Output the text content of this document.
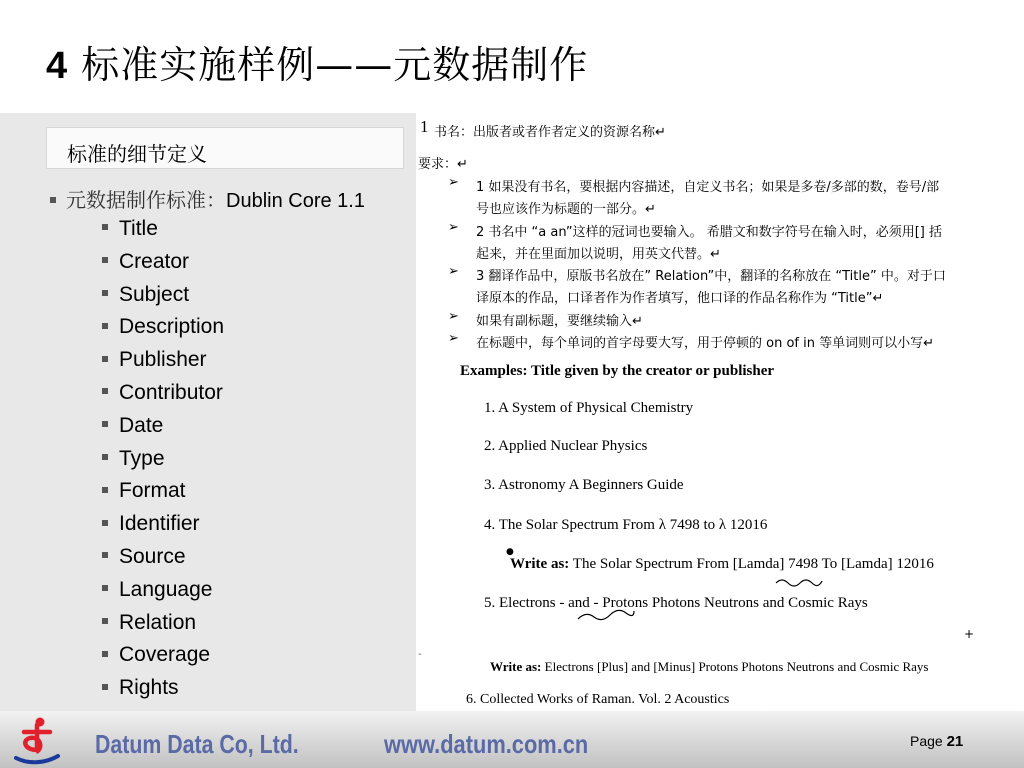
4 标准实施样例——元数据制作
标准的细节定义
元数据制作标准：Dublin Core 1.1
Title
Creator
Subject
Description
Publisher
Contributor
Date
Type
Format
Identifier
Source
Language
Relation
Coverage
Rights
1 书名：出版者或者作者定义的资源名称↵
要求：↵
➢ 1 如果没有书名，要根据内容描述，自定义书名；如果是多卷/多部的数，卷号/部
号也应该作为标题的一部分。↵
➢ 2 书名中 “a an”这样的冠词也要输入。 希腊文和数字符号在输入时，必须用[] 括
起来，并在里面加以说明，用英文代替。↵
➢ 3 翻译作品中，原版书名放在” Relation”中，翻译的名称放在 “Title” 中。对于口
译原本的作品，口译者作为作者填写，他口译的作品名称作为 “Title”↵
➢ 如果有副标题，要继续输入↵
➢ 在标题中，每个单词的首字母要大写，用于停顿的 on of in 等单词则可以小写↵
Examples: Title given by the creator or publisher
1. A System of Physical Chemistry
2. Applied Nuclear Physics
3. Astronomy A Beginners Guide
4. The Solar Spectrum From λ 7498 to λ 12016
●
Write as: The Solar Spectrum From [Lamda] 7498 To [Lamda] 12016
5. Electrons - and - Protons Photons Neutrons and Cosmic Rays
+
-
Write as: Electrons [Plus] and [Minus] Protons Photons Neutrons and Cosmic Rays
6. Collected Works of Raman. Vol. 2 Acoustics
Datum Data Co, Ltd.	www.datum.com.cn	Page 21
